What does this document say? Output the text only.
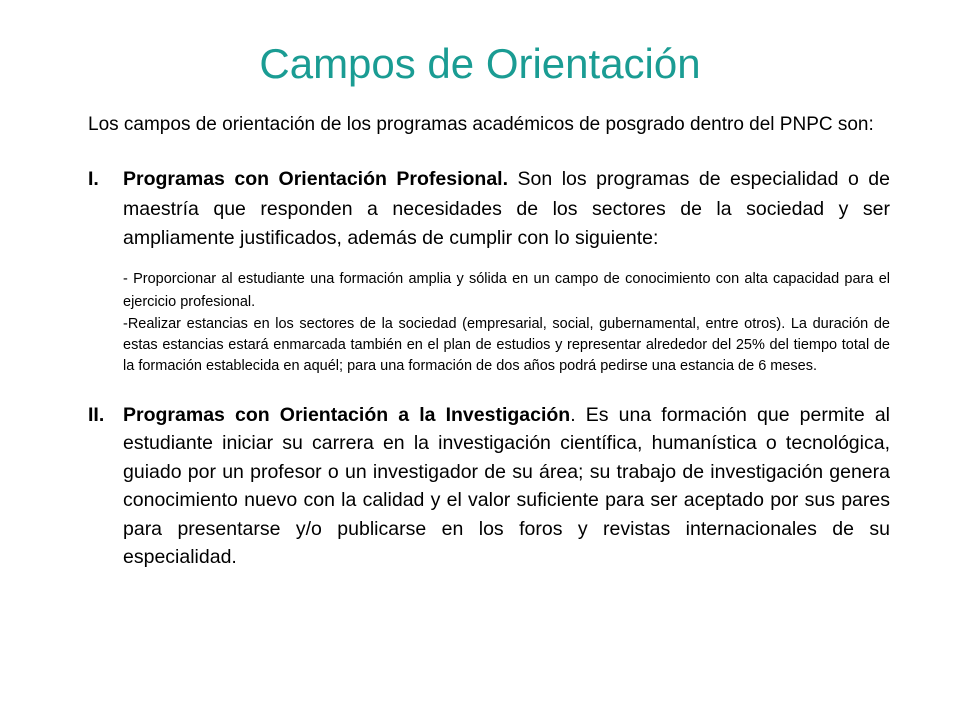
Campos de Orientación

Los campos de orientación de los programas académicos de posgrado dentro del PNPC son:

I.	Programas con Orientación Profesional. Son los programas de especialidad o de maestría que responden a necesidades de los sectores de la sociedad y ser ampliamente justificados, además de cumplir con lo siguiente:

- Proporcionar al estudiante una formación amplia y sólida en un campo de conocimiento con alta capacidad para el ejercicio profesional.

-Realizar estancias en los sectores de la sociedad (empresarial, social, gubernamental, entre otros). La duración de estas estancias estará enmarcada también en el plan de estudios y representar alrededor del 25% del tiempo total de la formación establecida en aquél; para una formación de dos años podrá pedirse una estancia de 6 meses.

II. Programas con Orientación a la Investigación. Es una formación que permite al estudiante iniciar su carrera en la investigación científica, humanística o tecnológica, guiado por un profesor o un investigador de su área; su trabajo de investigación genera conocimiento nuevo con la calidad y el valor suficiente para ser aceptado por sus pares para presentarse y/o publicarse en los foros y revistas internacionales de su especialidad.
